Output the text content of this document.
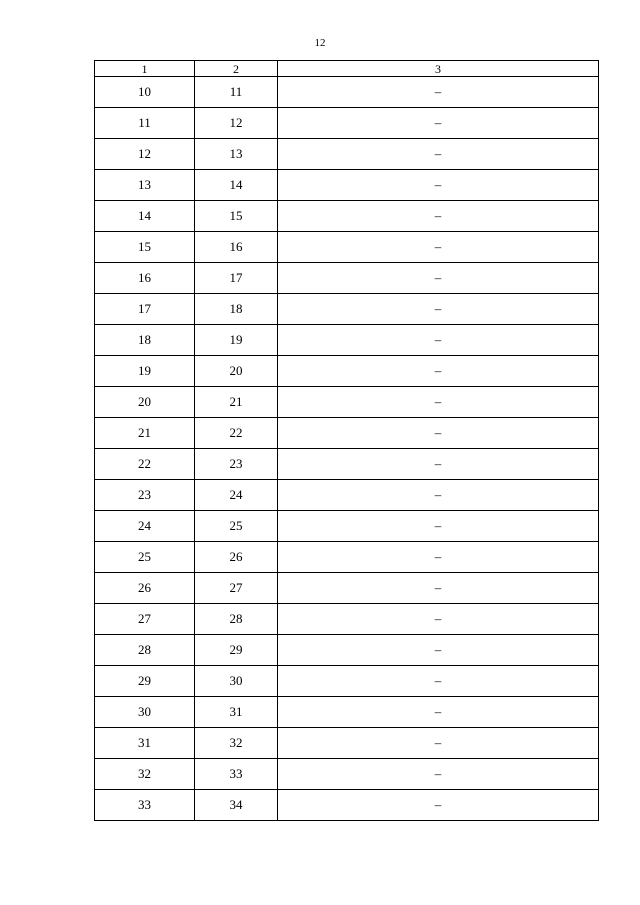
12
1	2	3
10	11	–
11	12	–
12	13	–
13	14	–
14	15	–
15	16	–
16	17	–
17	18	–
18	19	–
19	20	–
20	21	–
21	22	–
22	23	–
23	24	–
24	25	–
25	26	–
26	27	–
27	28	–
28	29	–
29	30	–
30	31	–
31	32	–
32	33	–
33	34	–
